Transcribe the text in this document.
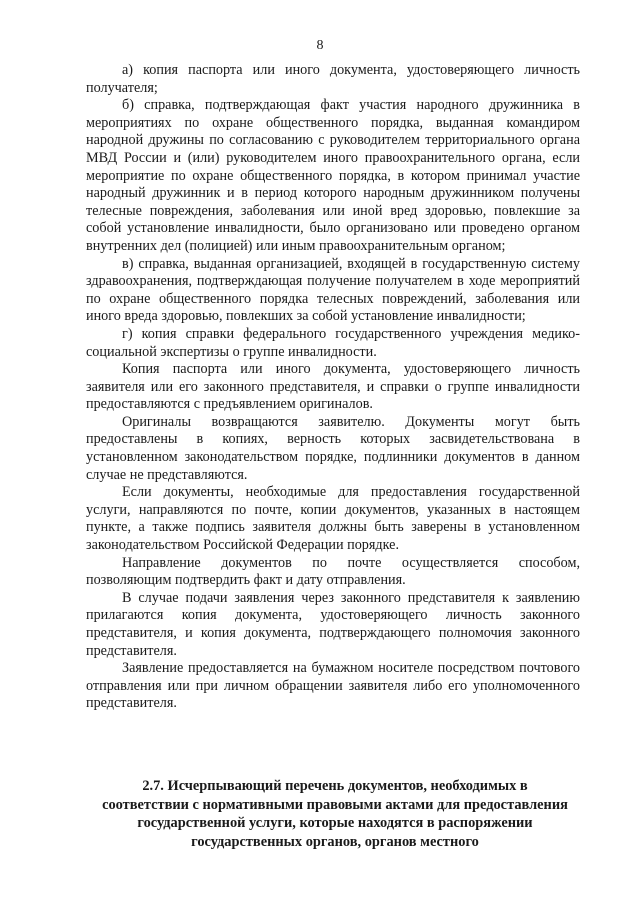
8

а) копия паспорта или иного документа, удостоверяющего личность получателя;

б) справка, подтверждающая факт участия народного дружинника в мероприятиях по охране общественного порядка, выданная командиром народной дружины по согласованию с руководителем территориального органа МВД России и (или) руководителем иного правоохранительного органа, если мероприятие по охране общественного порядка, в котором принимал участие народный дружинник и в период которого народным дружинником получены телесные повреждения, заболевания или иной вред здоровью, повлекшие за собой установление инвалидности, было организовано или проведено органом внутренних дел (полицией) или иным правоохранительным органом;

в) справка, выданная организацией, входящей в государственную систему здравоохранения, подтверждающая получение получателем в ходе мероприятий по охране общественного порядка телесных повреждений, заболевания или иного вреда здоровью, повлекших за собой установление инвалидности;

г) копия справки федерального государственного учреждения медико-социальной экспертизы о группе инвалидности.

Копия паспорта или иного документа, удостоверяющего личность заявителя или его законного представителя, и справки о группе инвалидности предоставляются с предъявлением оригиналов.

Оригиналы возвращаются заявителю. Документы могут быть предоставлены в копиях, верность которых засвидетельствована в установленном законодательством порядке, подлинники документов в данном случае не представляются.

Если документы, необходимые для предоставления государственной услуги, направляются по почте, копии документов, указанных в настоящем пункте, а также подпись заявителя должны быть заверены в установленном законодательством Российской Федерации порядке.

Направление документов по почте осуществляется способом, позволяющим подтвердить факт и дату отправления.

В случае подачи заявления через законного представителя к заявлению прилагаются копия документа, удостоверяющего личность законного представителя, и копия документа, подтверждающего полномочия законного представителя.

Заявление предоставляется на бумажном носителе посредством почтового отправления или при личном обращении заявителя либо его уполномоченного представителя.

2.7. Исчерпывающий перечень документов, необходимых в соответствии с нормативными правовыми актами для предоставления государственной услуги, которые находятся в распоряжении государственных органов, органов местного
